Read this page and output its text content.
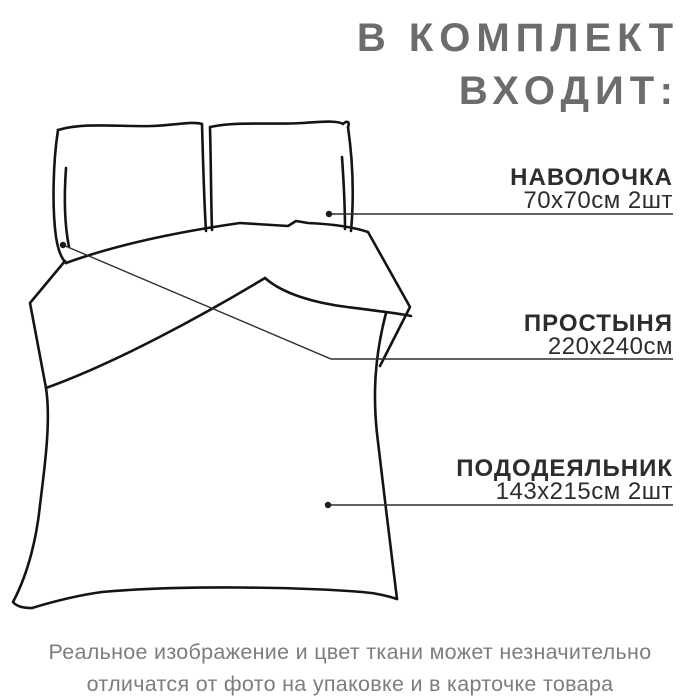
В КОМПЛЕКТ
ВХОДИТ:
НАВОЛОЧКА
70х70см 2шт
ПРОСТЫНЯ
220х240см
ПОДОДЕЯЛЬНИК
143х215см 2шт
Реальное изображение и цвет ткани может незначительно
отличатся от фото на упаковке и в карточке товара
